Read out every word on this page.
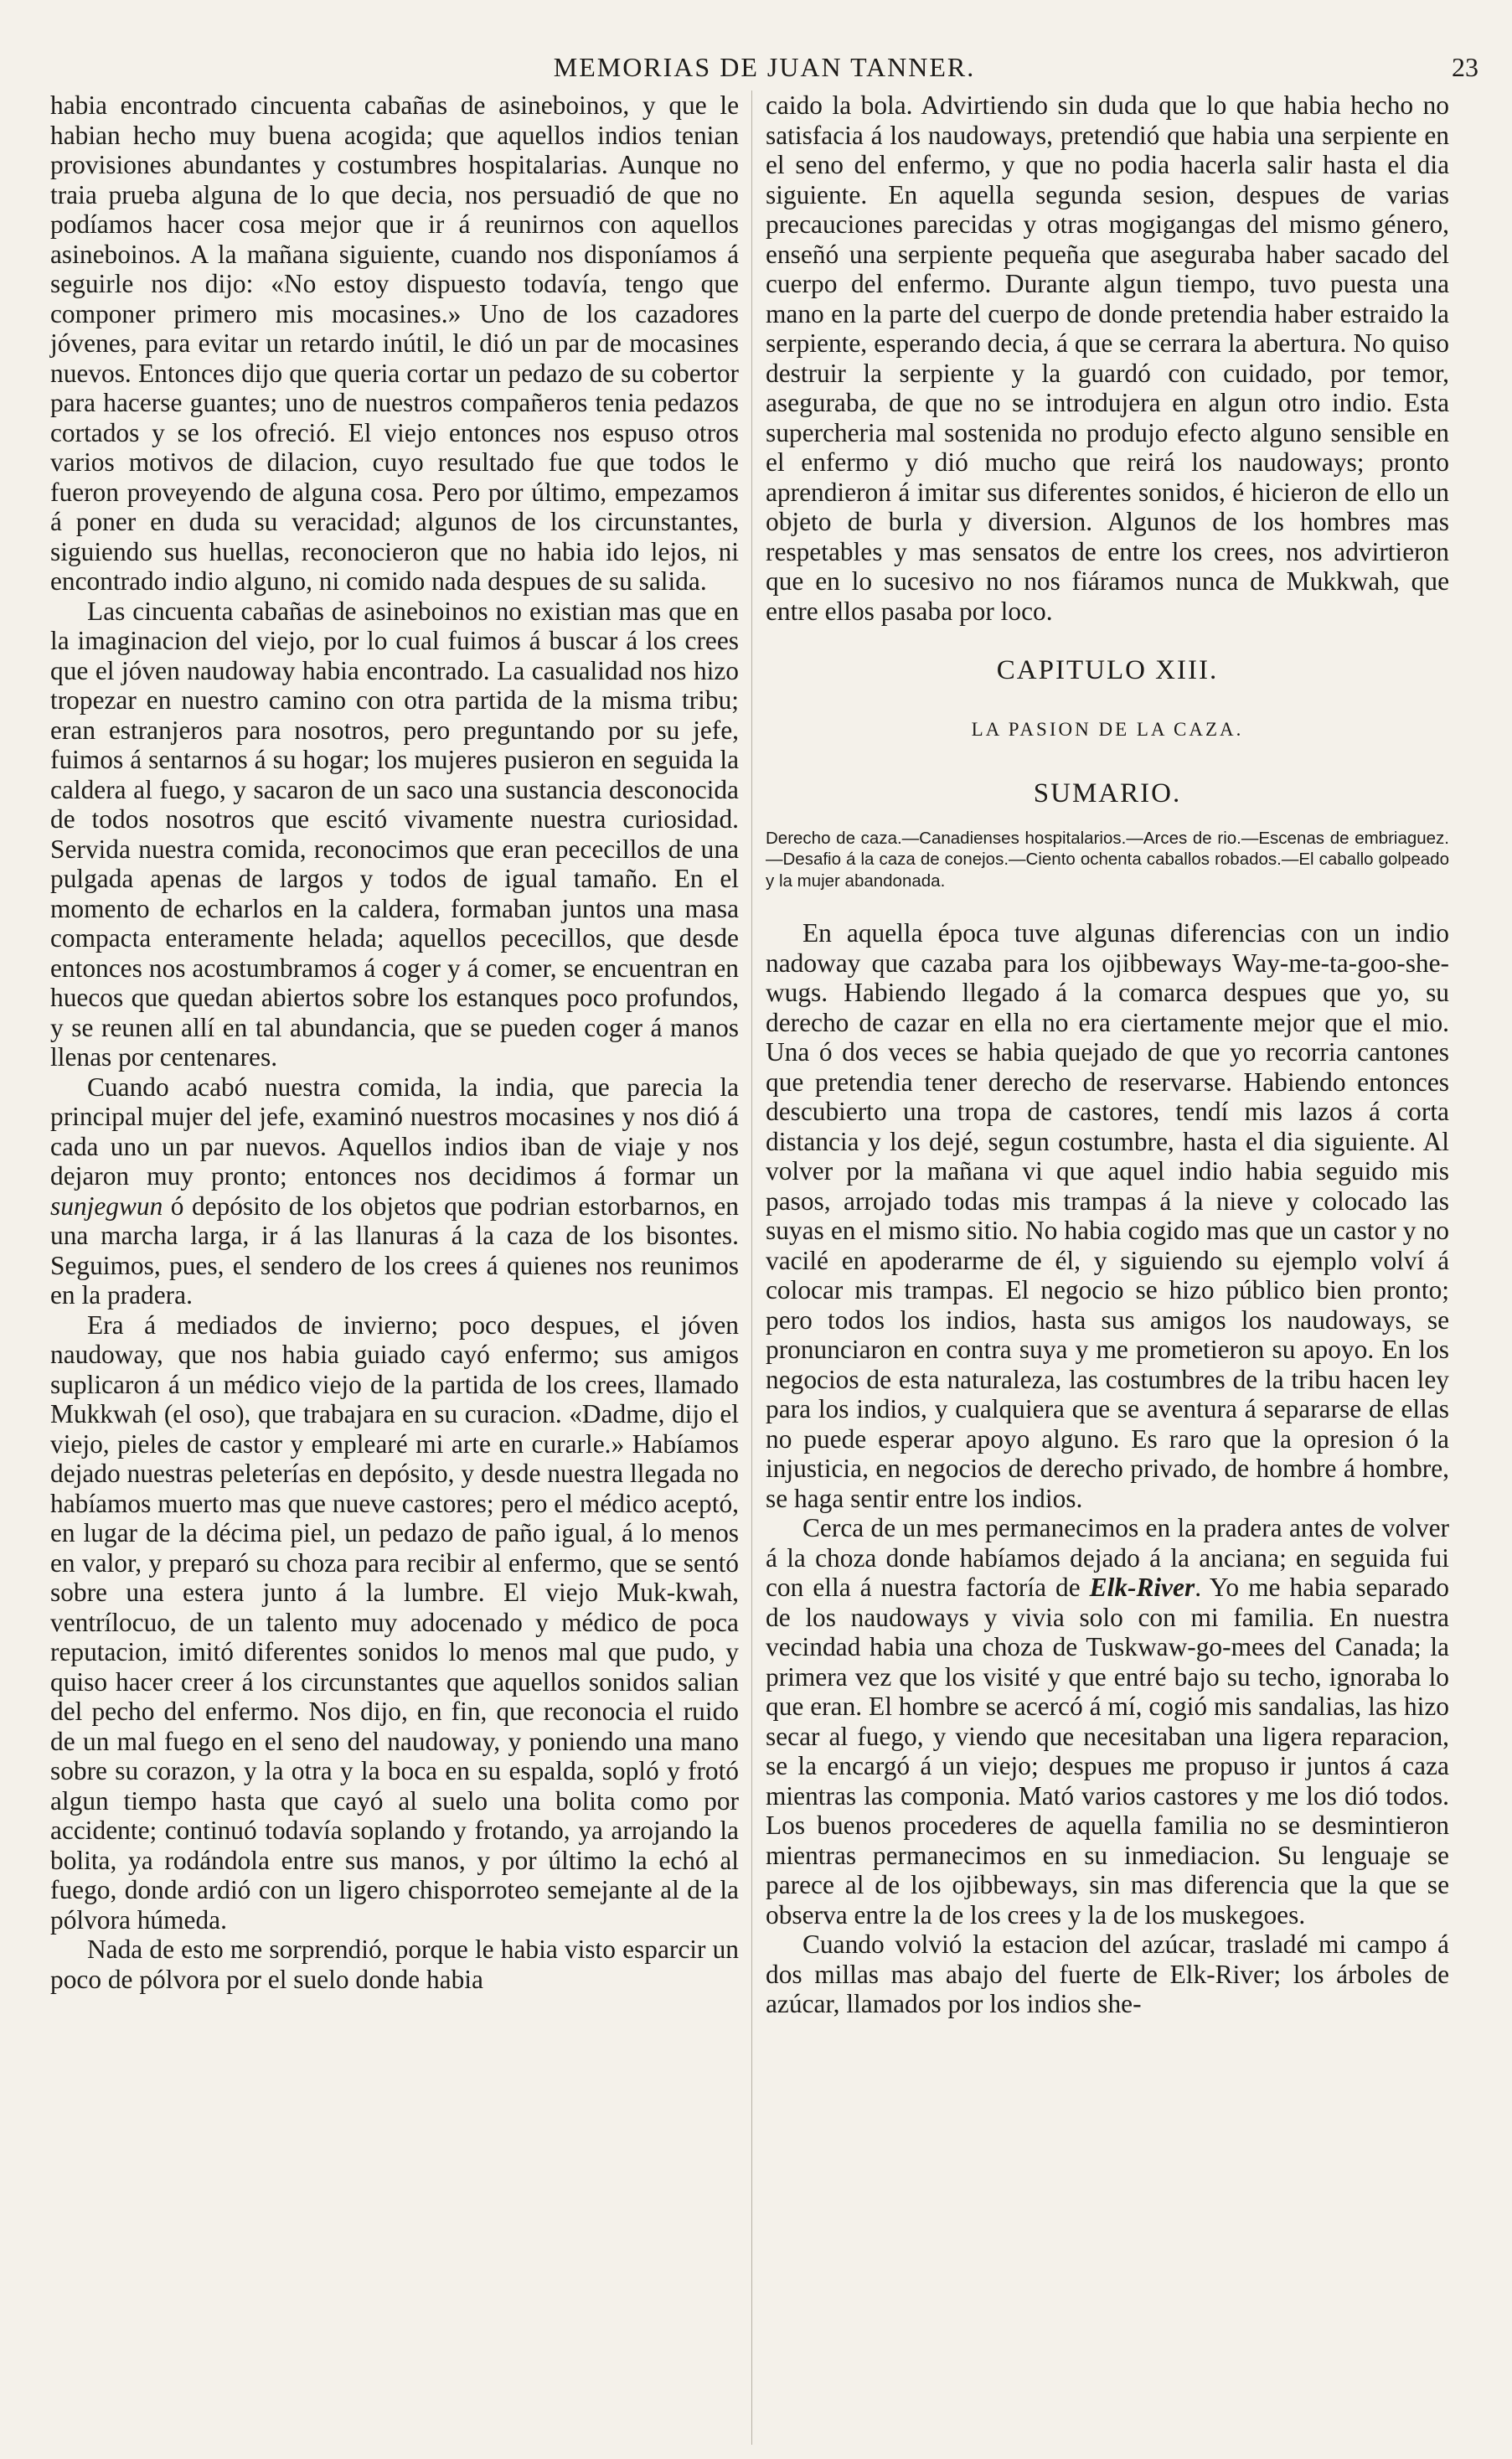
MEMORIAS DE JUAN TANNER.	23

habia encontrado cincuenta cabañas de asineboinos, y que le habian hecho muy buena acogida; que aquellos indios tenian provisiones abundantes y costumbres hospitalarias. Aunque no traia prueba alguna de lo que decia, nos persuadió de que no podíamos hacer cosa mejor que ir á reunirnos con aquellos asineboinos. A la mañana siguiente, cuando nos disponíamos á seguirle nos dijo: «No estoy dispuesto todavía, tengo que componer primero mis mocasines.» Uno de los cazadores jóvenes, para evitar un retardo inútil, le dió un par de mocasines nuevos. Entonces dijo que queria cortar un pedazo de su cobertor para hacerse guantes; uno de nuestros compañeros tenia pedazos cortados y se los ofreció. El viejo entonces nos espuso otros varios motivos de dilacion, cuyo resultado fue que todos le fueron proveyendo de alguna cosa. Pero por último, empezamos á poner en duda su veracidad; algunos de los circunstantes, siguiendo sus huellas, reconocieron que no habia ido lejos, ni encontrado indio alguno, ni comido nada despues de su salida.

Las cincuenta cabañas de asineboinos no existian mas que en la imaginacion del viejo, por lo cual fuimos á buscar á los crees que el jóven naudoway habia encontrado. La casualidad nos hizo tropezar en nuestro camino con otra partida de la misma tribu; eran estranjeros para nosotros, pero preguntando por su jefe, fuimos á sentarnos á su hogar; los mujeres pusieron en seguida la caldera al fuego, y sacaron de un saco una sustancia desconocida de todos nosotros que escitó vivamente nuestra curiosidad. Servida nuestra comida, reconocimos que eran pececillos de una pulgada apenas de largos y todos de igual tamaño. En el momento de echarlos en la caldera, formaban juntos una masa compacta enteramente helada; aquellos pececillos, que desde entonces nos acostumbramos á coger y á comer, se encuentran en huecos que quedan abiertos sobre los estanques poco profundos, y se reunen allí en tal abundancia, que se pueden coger á manos llenas por centenares.

Cuando acabó nuestra comida, la india, que parecia la principal mujer del jefe, examinó nuestros mocasines y nos dió á cada uno un par nuevos. Aquellos indios iban de viaje y nos dejaron muy pronto; entonces nos decidimos á formar un sunjegwun ó depósito de los objetos que podrian estorbarnos, en una marcha larga, ir á las llanuras á la caza de los bisontes. Seguimos, pues, el sendero de los crees á quienes nos reunimos en la pradera.

Era á mediados de invierno; poco despues, el jóven naudoway, que nos habia guiado cayó enfermo; sus amigos suplicaron á un médico viejo de la partida de los crees, llamado Mukkwah (el oso), que trabajara en su curacion. «Dadme, dijo el viejo, pieles de castor y emplearé mi arte en curarle.» Habíamos dejado nuestras peleterías en depósito, y desde nuestra llegada no habíamos muerto mas que nueve castores; pero el médico aceptó, en lugar de la décima piel, un pedazo de paño igual, á lo menos en valor, y preparó su choza para recibir al enfermo, que se sentó sobre una estera junto á la lumbre. El viejo Muk-kwah, ventrílocuo, de un talento muy adocenado y médico de poca reputacion, imitó diferentes sonidos lo menos mal que pudo, y quiso hacer creer á los circunstantes que aquellos sonidos salian del pecho del enfermo. Nos dijo, en fin, que reconocia el ruido de un mal fuego en el seno del naudoway, y poniendo una mano sobre su corazon, y la otra y la boca en su espalda, sopló y frotó algun tiempo hasta que cayó al suelo una bolita como por accidente; continuó todavía soplando y frotando, ya arrojando la bolita, ya rodándola entre sus manos, y por último la echó al fuego, donde ardió con un ligero chisporroteo semejante al de la pólvora húmeda.

Nada de esto me sorprendió, porque le habia visto esparcir un poco de pólvora por el suelo donde habia

caido la bola. Advirtiendo sin duda que lo que habia hecho no satisfacia á los naudoways, pretendió que habia una serpiente en el seno del enfermo, y que no podia hacerla salir hasta el dia siguiente. En aquella segunda sesion, despues de varias precauciones parecidas y otras mogigangas del mismo género, enseñó una serpiente pequeña que aseguraba haber sacado del cuerpo del enfermo. Durante algun tiempo, tuvo puesta una mano en la parte del cuerpo de donde pretendia haber estraido la serpiente, esperando decia, á que se cerrara la abertura. No quiso destruir la serpiente y la guardó con cuidado, por temor, aseguraba, de que no se introdujera en algun otro indio. Esta supercheria mal sostenida no produjo efecto alguno sensible en el enfermo y dió mucho que reirá los naudoways; pronto aprendieron á imitar sus diferentes sonidos, é hicieron de ello un objeto de burla y diversion. Algunos de los hombres mas respetables y mas sensatos de entre los crees, nos advirtieron que en lo sucesivo no nos fiáramos nunca de Mukkwah, que entre ellos pasaba por loco.

CAPITULO XIII.
LA PASION DE LA CAZA.
SUMARIO.
Derecho de caza.—Canadienses hospitalarios.—Arces de rio.—Escenas de embriaguez.—Desafio á la caza de conejos.—Ciento ochenta caballos robados.—El caballo golpeado y la mujer abandonada.

En aquella época tuve algunas diferencias con un indio nadoway que cazaba para los ojibbeways Way-me-ta-goo-she-wugs. Habiendo llegado á la comarca despues que yo, su derecho de cazar en ella no era ciertamente mejor que el mio. Una ó dos veces se habia quejado de que yo recorria cantones que pretendia tener derecho de reservarse. Habiendo entonces descubierto una tropa de castores, tendí mis lazos á corta distancia y los dejé, segun costumbre, hasta el dia siguiente. Al volver por la mañana vi que aquel indio habia seguido mis pasos, arrojado todas mis trampas á la nieve y colocado las suyas en el mismo sitio. No habia cogido mas que un castor y no vacilé en apoderarme de él, y siguiendo su ejemplo volví á colocar mis trampas. El negocio se hizo público bien pronto; pero todos los indios, hasta sus amigos los naudoways, se pronunciaron en contra suya y me prometieron su apoyo. En los negocios de esta naturaleza, las costumbres de la tribu hacen ley para los indios, y cualquiera que se aventura á separarse de ellas no puede esperar apoyo alguno. Es raro que la opresion ó la injusticia, en negocios de derecho privado, de hombre á hombre, se haga sentir entre los indios.

Cerca de un mes permanecimos en la pradera antes de volver á la choza donde habíamos dejado á la anciana; en seguida fui con ella á nuestra factoría de Elk-River. Yo me habia separado de los naudoways y vivia solo con mi familia. En nuestra vecindad habia una choza de Tuskwaw-go-mees del Canada; la primera vez que los visité y que entré bajo su techo, ignoraba lo que eran. El hombre se acercó á mí, cogió mis sandalias, las hizo secar al fuego, y viendo que necesitaban una ligera reparacion, se la encargó á un viejo; despues me propuso ir juntos á caza mientras las componia. Mató varios castores y me los dió todos. Los buenos procederes de aquella familia no se desmintieron mientras permanecimos en su inmediacion. Su lenguaje se parece al de los ojibbeways, sin mas diferencia que la que se observa entre la de los crees y la de los muskegoes.

Cuando volvió la estacion del azúcar, trasladé mi campo á dos millas mas abajo del fuerte de Elk-River; los árboles de azúcar, llamados por los indios she-
